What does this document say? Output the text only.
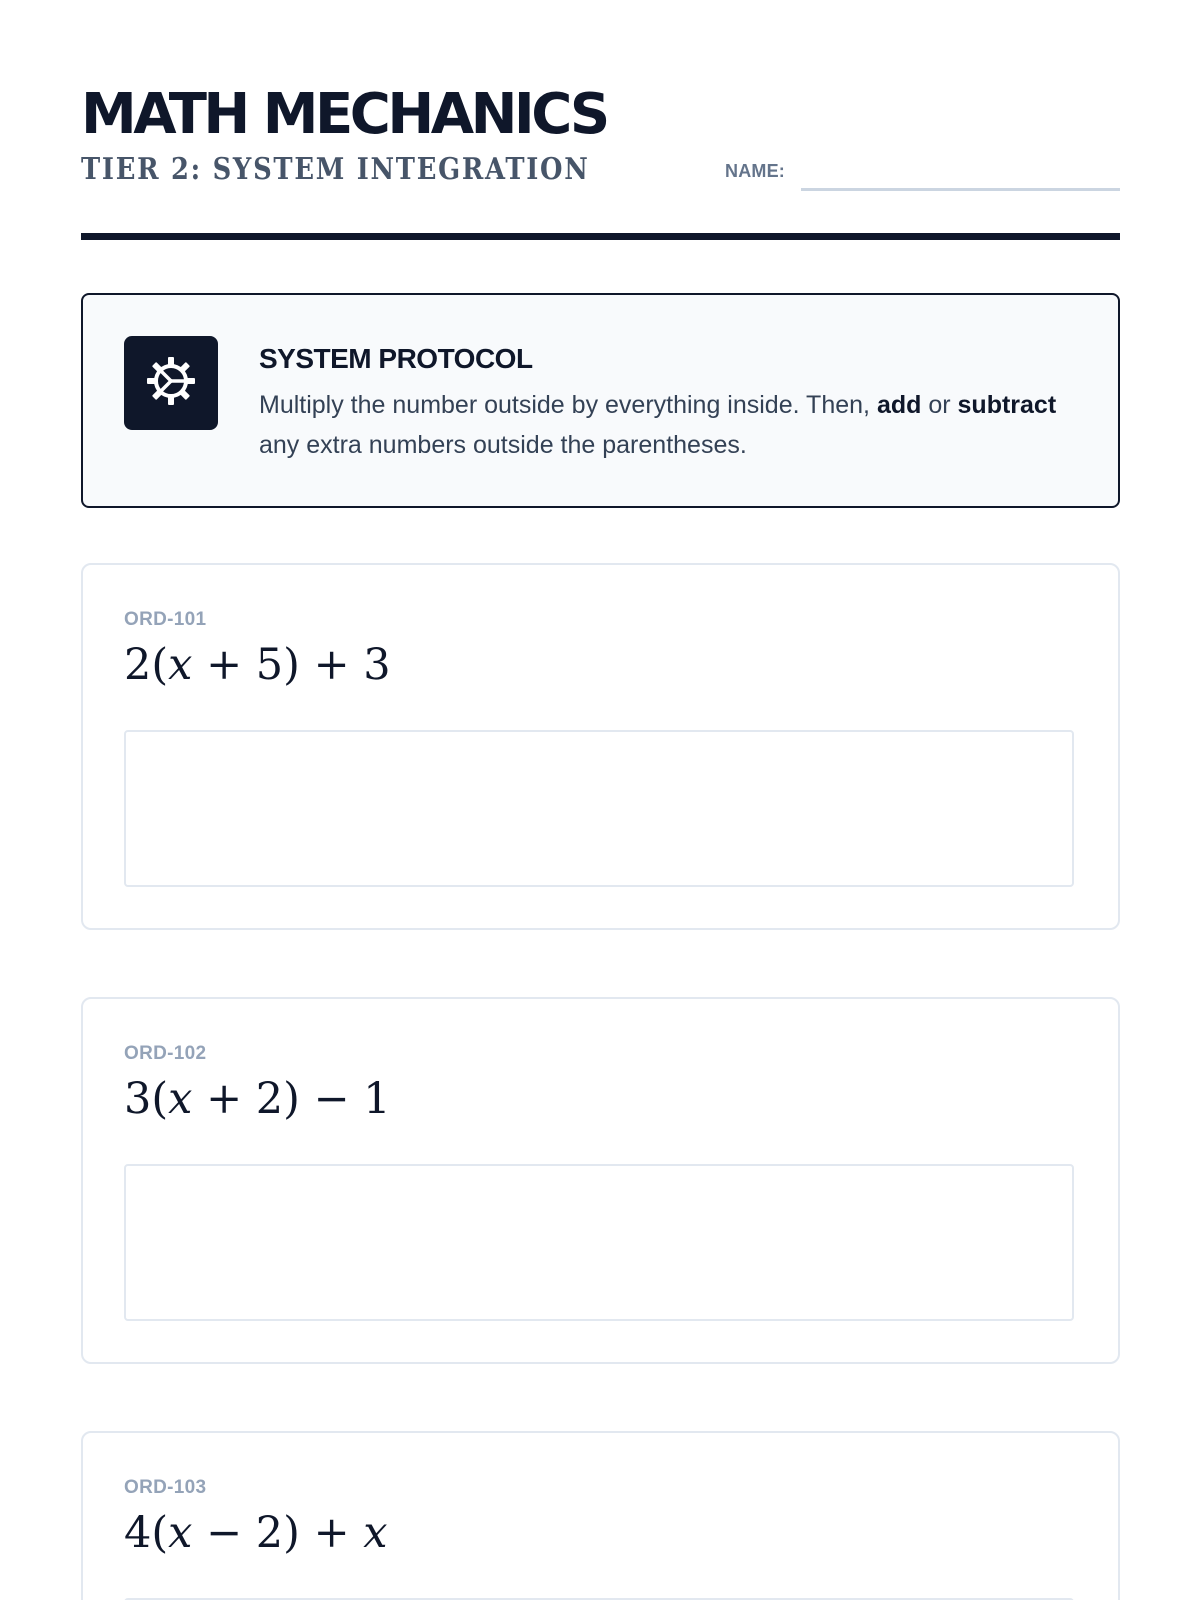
MATH MECHANICS
TIER 2: SYSTEM INTEGRATION	NAME:
SYSTEM PROTOCOL
Multiply the number outside by everything inside. Then, add or subtract any extra numbers outside the parentheses.
ORD-101
2(x + 5) + 3
ORD-102
3(x + 2) − 1
ORD-103
4(x − 2) + x
